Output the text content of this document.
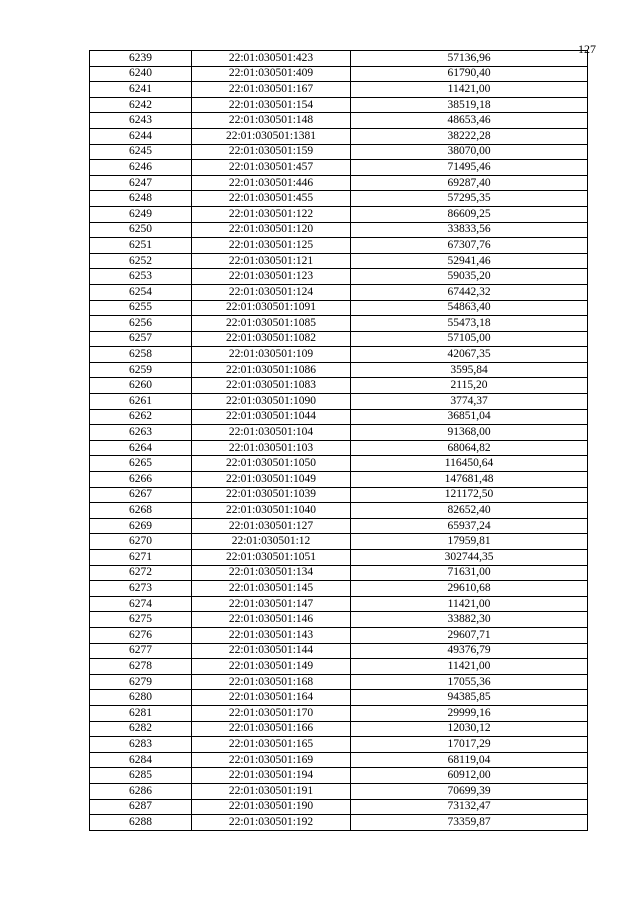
127
6239	22:01:030501:423	57136,96
6240	22:01:030501:409	61790,40
6241	22:01:030501:167	11421,00
6242	22:01:030501:154	38519,18
6243	22:01:030501:148	48653,46
6244	22:01:030501:1381	38222,28
6245	22:01:030501:159	38070,00
6246	22:01:030501:457	71495,46
6247	22:01:030501:446	69287,40
6248	22:01:030501:455	57295,35
6249	22:01:030501:122	86609,25
6250	22:01:030501:120	33833,56
6251	22:01:030501:125	67307,76
6252	22:01:030501:121	52941,46
6253	22:01:030501:123	59035,20
6254	22:01:030501:124	67442,32
6255	22:01:030501:1091	54863,40
6256	22:01:030501:1085	55473,18
6257	22:01:030501:1082	57105,00
6258	22:01:030501:109	42067,35
6259	22:01:030501:1086	3595,84
6260	22:01:030501:1083	2115,20
6261	22:01:030501:1090	3774,37
6262	22:01:030501:1044	36851,04
6263	22:01:030501:104	91368,00
6264	22:01:030501:103	68064,82
6265	22:01:030501:1050	116450,64
6266	22:01:030501:1049	147681,48
6267	22:01:030501:1039	121172,50
6268	22:01:030501:1040	82652,40
6269	22:01:030501:127	65937,24
6270	22:01:030501:12	17959,81
6271	22:01:030501:1051	302744,35
6272	22:01:030501:134	71631,00
6273	22:01:030501:145	29610,68
6274	22:01:030501:147	11421,00
6275	22:01:030501:146	33882,30
6276	22:01:030501:143	29607,71
6277	22:01:030501:144	49376,79
6278	22:01:030501:149	11421,00
6279	22:01:030501:168	17055,36
6280	22:01:030501:164	94385,85
6281	22:01:030501:170	29999,16
6282	22:01:030501:166	12030,12
6283	22:01:030501:165	17017,29
6284	22:01:030501:169	68119,04
6285	22:01:030501:194	60912,00
6286	22:01:030501:191	70699,39
6287	22:01:030501:190	73132,47
6288	22:01:030501:192	73359,87
